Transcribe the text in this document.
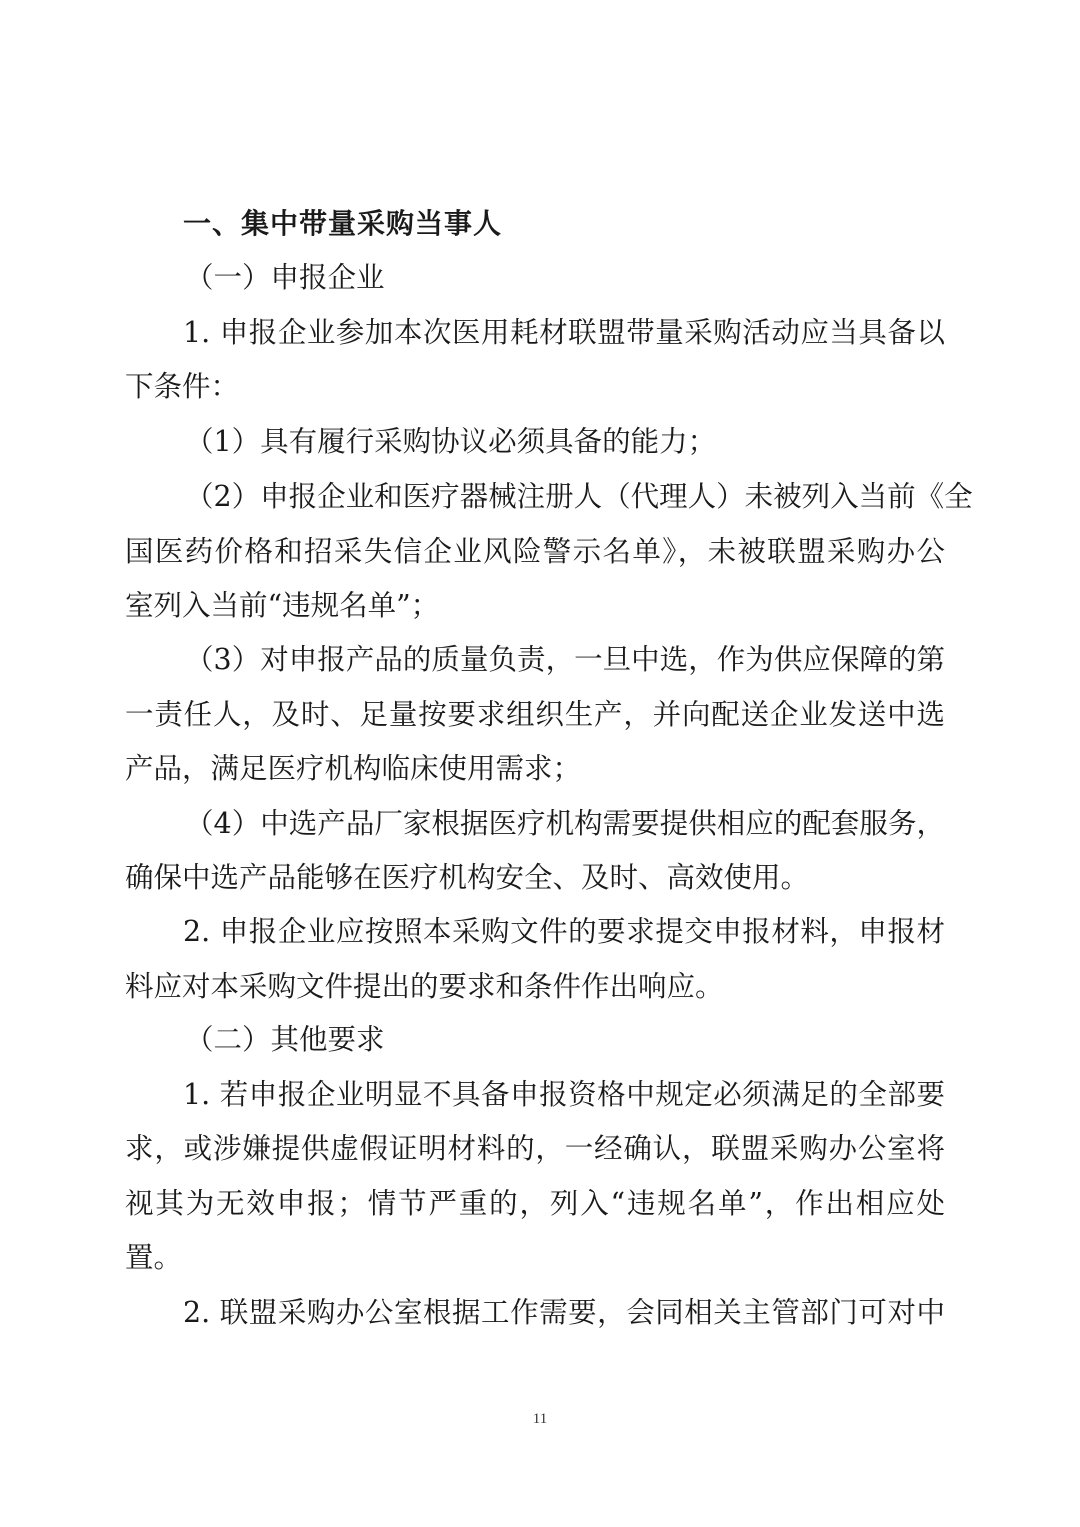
一、集中带量采购当事人
（一）申报企业
1. 申报企业参加本次医用耗材联盟带量采购活动应当具备以
下条件：
（1）具有履行采购协议必须具备的能力；
（2）申报企业和医疗器械注册人（代理人）未被列入当前《全
国医药价格和招采失信企业风险警示名单》，未被联盟采购办公
室列入当前“违规名单”；
（3）对申报产品的质量负责，一旦中选，作为供应保障的第
一责任人，及时、足量按要求组织生产，并向配送企业发送中选
产品，满足医疗机构临床使用需求；
（4）中选产品厂家根据医疗机构需要提供相应的配套服务，
确保中选产品能够在医疗机构安全、及时、高效使用。
2. 申报企业应按照本采购文件的要求提交申报材料，申报材
料应对本采购文件提出的要求和条件作出响应。
（二）其他要求
1. 若申报企业明显不具备申报资格中规定必须满足的全部要
求，或涉嫌提供虚假证明材料的，一经确认，联盟采购办公室将
视其为无效申报；情节严重的，列入“违规名单”，作出相应处
置。
2. 联盟采购办公室根据工作需要，会同相关主管部门可对中
11
